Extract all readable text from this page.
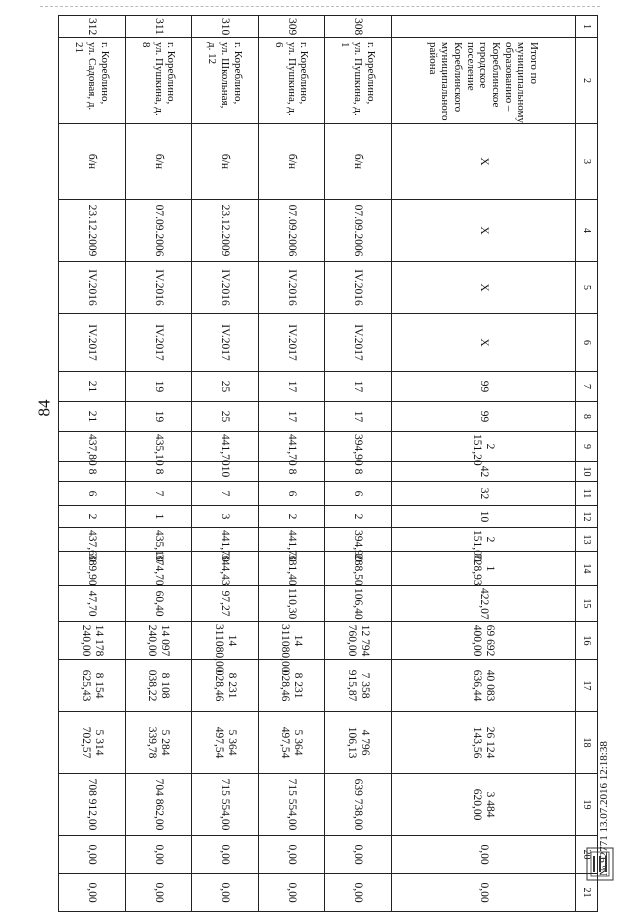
84
1	2	3	4	5	6	7	8	9	10	11	12	13	14	15	16	17	18	19	20	21
	Итого по муниципальному образованию – Кореблинское городское поселение Кореблинского муниципального района	X	X	X	X	99	99	2 151,20	42	32	10	2 151,00	1 728,93	422,07	69 692 400,00	40 083 636,44	26 124 143,56	3 484 620,00	0,00	0,00
308	г. Кореблино, ул. Пушкина, д. 1	б/н	07.09.2006	IV.2016	IV.2017	17	17	394,90	8	6	2	394,90	288,50	106,40	12 794 760,00	7 358 915,87	4 796 106,13	639 738,00	0,00	0,00
309	г. Кореблино, ул. Пушкина, д. 6	б/н	07.09.2006	IV.2016	IV.2017	17	17	441,70	8	6	2	441,70	331,40	110,30	14 311080,00	8 231 028,46	5 364 497,54	715 554,00	0,00	0,00
310	г. Кореблино, ул. Школьная, д. 12	б/н	23.12.2009	IV.2016	IV.2017	25	25	441,70	10	7	3	441,70	344,43	97,27	14 311080,00	8 231 028,46	5 364 497,54	715 554,00	0,00	0,00
311	г. Кореблино, ул. Пушкина, д. 8	б/н	07.09.2006	IV.2016	IV.2017	19	19	435,10	8	7	1	435,10	374,70	60,40	14 097 240,00	8 108 038,22	5 284 339,78	704 862,00	0,00	0,00
312	г. Кореблино, ул. Садовая, д. 21	б/н	23.12.2009	IV.2016	IV.2017	21	21	437,80	8	6	2	437,60	389,90	47,70	14 178 240,00	8 154 625,43	5 314 702,57	708 912,00	0,00	0,00
№ 92771 13.07.2016 12:18:38
